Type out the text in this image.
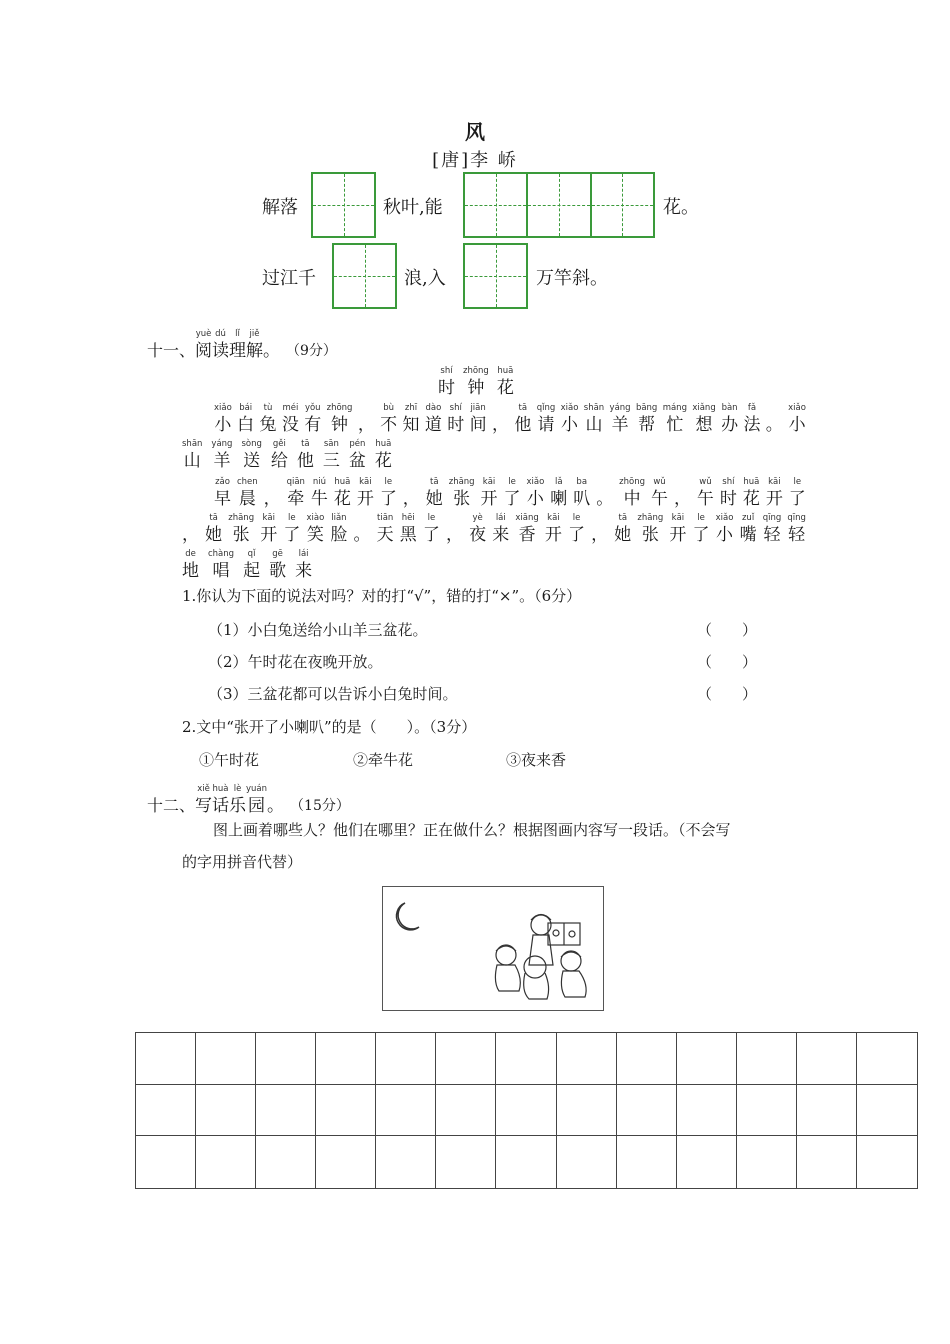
风
[唐]李 峤
解落	秋叶,能	花。
过江千	浪,入	万竿斜。
十一、
yuè
阅
dú
读
lǐ
理
jiě
解 。 （9分）
shí
时
zhōng
钟
huā
花
xiǎo
小
bái
白
tù
兔
méi
没
yǒu
有
zhōng
钟 ，
bù
不
zhī
知
dào
道
shí
时
jiān
间 ，
tā
他
qǐng
请
xiǎo
小
shān
山
yáng
羊
bāng
帮
máng
忙
xiǎng
想
bàn
办
fǎ
法 。
xiǎo
小
shān
山
yáng
羊
sòng
送
gěi
给
tā
他
sān
三
pén
盆
huā
花
zǎo
早
chen
晨 ，
qiān
牵
niú
牛
huā
花
kāi
开
le
了 ，
tā
她
zhāng
张
kāi
开
le
了
xiǎo
小
lǎ
喇
ba
叭 。
zhōng
中
wǔ
午 ，
wǔ
午
shí
时
huā
花
kāi
开
le
了
，
tā
她
zhāng
张
kāi
开
le
了
xiào
笑
liǎn
脸 。
tiān
天
hēi
黑
le
了 ，
yè
夜
lái
来
xiāng
香
kāi
开
le
了 ，
tā
她
zhāng
张
kāi
开
le
了
xiǎo
小
zuǐ
嘴
qīng
轻
qīng
轻
de
地
chàng
唱
qǐ
起
gē
歌
lái
来
1.你认为下面的说法对吗？对的打“√”，错的打“×”。（6分）
（1）小白兔送给小山羊三盆花。	（　　）
（2）午时花在夜晚开放。	（　　）
（3）三盆花都可以告诉小白兔时间。	（　　）
2.文中“张开了小喇叭”的是（　　）。（3分）
①午时花	②牵牛花	③夜来香
十二、
xiě
写
huà
话
lè
乐
yuán
园 。 （15分）
图上画着哪些人？他们在哪里？正在做什么？根据图画内容写一段话。（不会写
的字用拼音代替）
